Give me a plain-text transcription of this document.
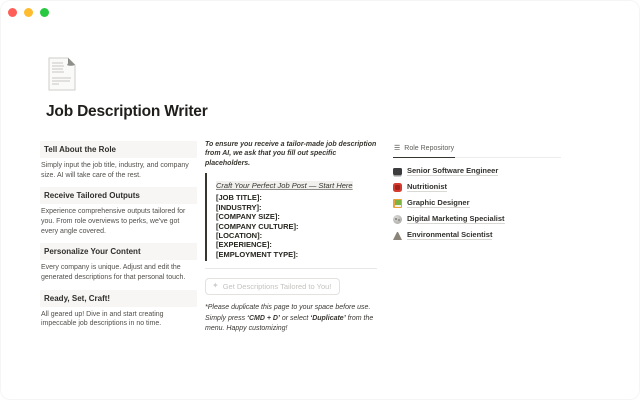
Job Description Writer
Tell About the Role
Simply input the job title, industry, and company size. AI will take care of the rest.
Receive Tailored Outputs
Experience comprehensive outputs tailored for you. From role overviews to perks, we've got every angle covered.
Personalize Your Content
Every company is unique. Adjust and edit the generated descriptions for that personal touch.
Ready, Set, Craft!
All geared up! Dive in and start creating impeccable job descriptions in no time.
To ensure you receive a tailor-made job description from AI, we ask that you fill out specific placeholders.
Craft Your Perfect Job Post — Start Here
[JOB TITLE]:
[INDUSTRY]:
[COMPANY SIZE]:
[COMPANY CULTURE]:
[LOCATION]:
[EXPERIENCE]:
[EMPLOYMENT TYPE]:
✦ Get Descriptions Tailored to You!
*Please duplicate this page to your space before use. Simply press ‘CMD + D’ or select ‘Duplicate’ from the menu. Happy customizing!
☰ Role Repository
Senior Software Engineer
Nutritionist
Graphic Designer
Digital Marketing Specialist
Environmental Scientist
